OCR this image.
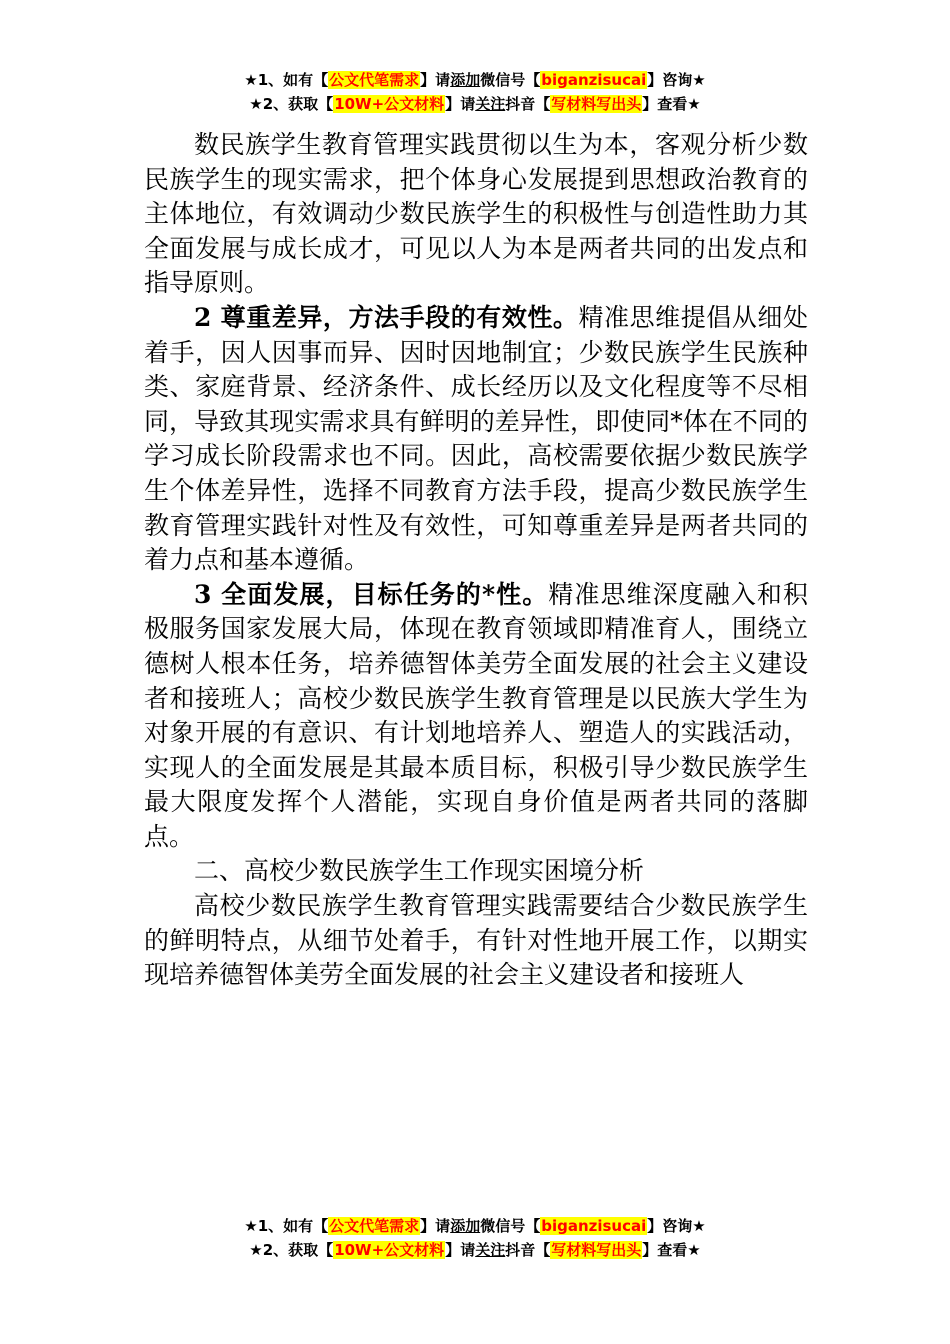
★1、如有【公文代笔需求】请添加微信号【biganzisucai】咨询★
★2、获取【10W+公文材料】请关注抖音【写材料写出头】查看★

数民族学生教育管理实践贯彻以生为本，客观分析少数民族学生的现实需求，把个体身心发展提到思想政治教育的主体地位，有效调动少数民族学生的积极性与创造性助力其全面发展与成长成才，可见以人为本是两者共同的出发点和指导原则。

2 尊重差异，方法手段的有效性。精准思维提倡从细处着手，因人因事而异、因时因地制宜；少数民族学生民族种类、家庭背景、经济条件、成长经历以及文化程度等不尽相同，导致其现实需求具有鲜明的差异性，即使同*体在不同的学习成长阶段需求也不同。因此，高校需要依据少数民族学生个体差异性，选择不同教育方法手段，提高少数民族学生教育管理实践针对性及有效性，可知尊重差异是两者共同的着力点和基本遵循。

3 全面发展，目标任务的*性。精准思维深度融入和积极服务国家发展大局，体现在教育领域即精准育人，围绕立德树人根本任务，培养德智体美劳全面发展的社会主义建设者和接班人；高校少数民族学生教育管理是以民族大学生为对象开展的有意识、有计划地培养人、塑造人的实践活动，实现人的全面发展是其最本质目标，积极引导少数民族学生最大限度发挥个人潜能，实现自身价值是两者共同的落脚点。

二、高校少数民族学生工作现实困境分析

高校少数民族学生教育管理实践需要结合少数民族学生的鲜明特点，从细节处着手，有针对性地开展工作，以期实现培养德智体美劳全面发展的社会主义建设者和接班人

★1、如有【公文代笔需求】请添加微信号【biganzisucai】咨询★
★2、获取【10W+公文材料】请关注抖音【写材料写出头】查看★
